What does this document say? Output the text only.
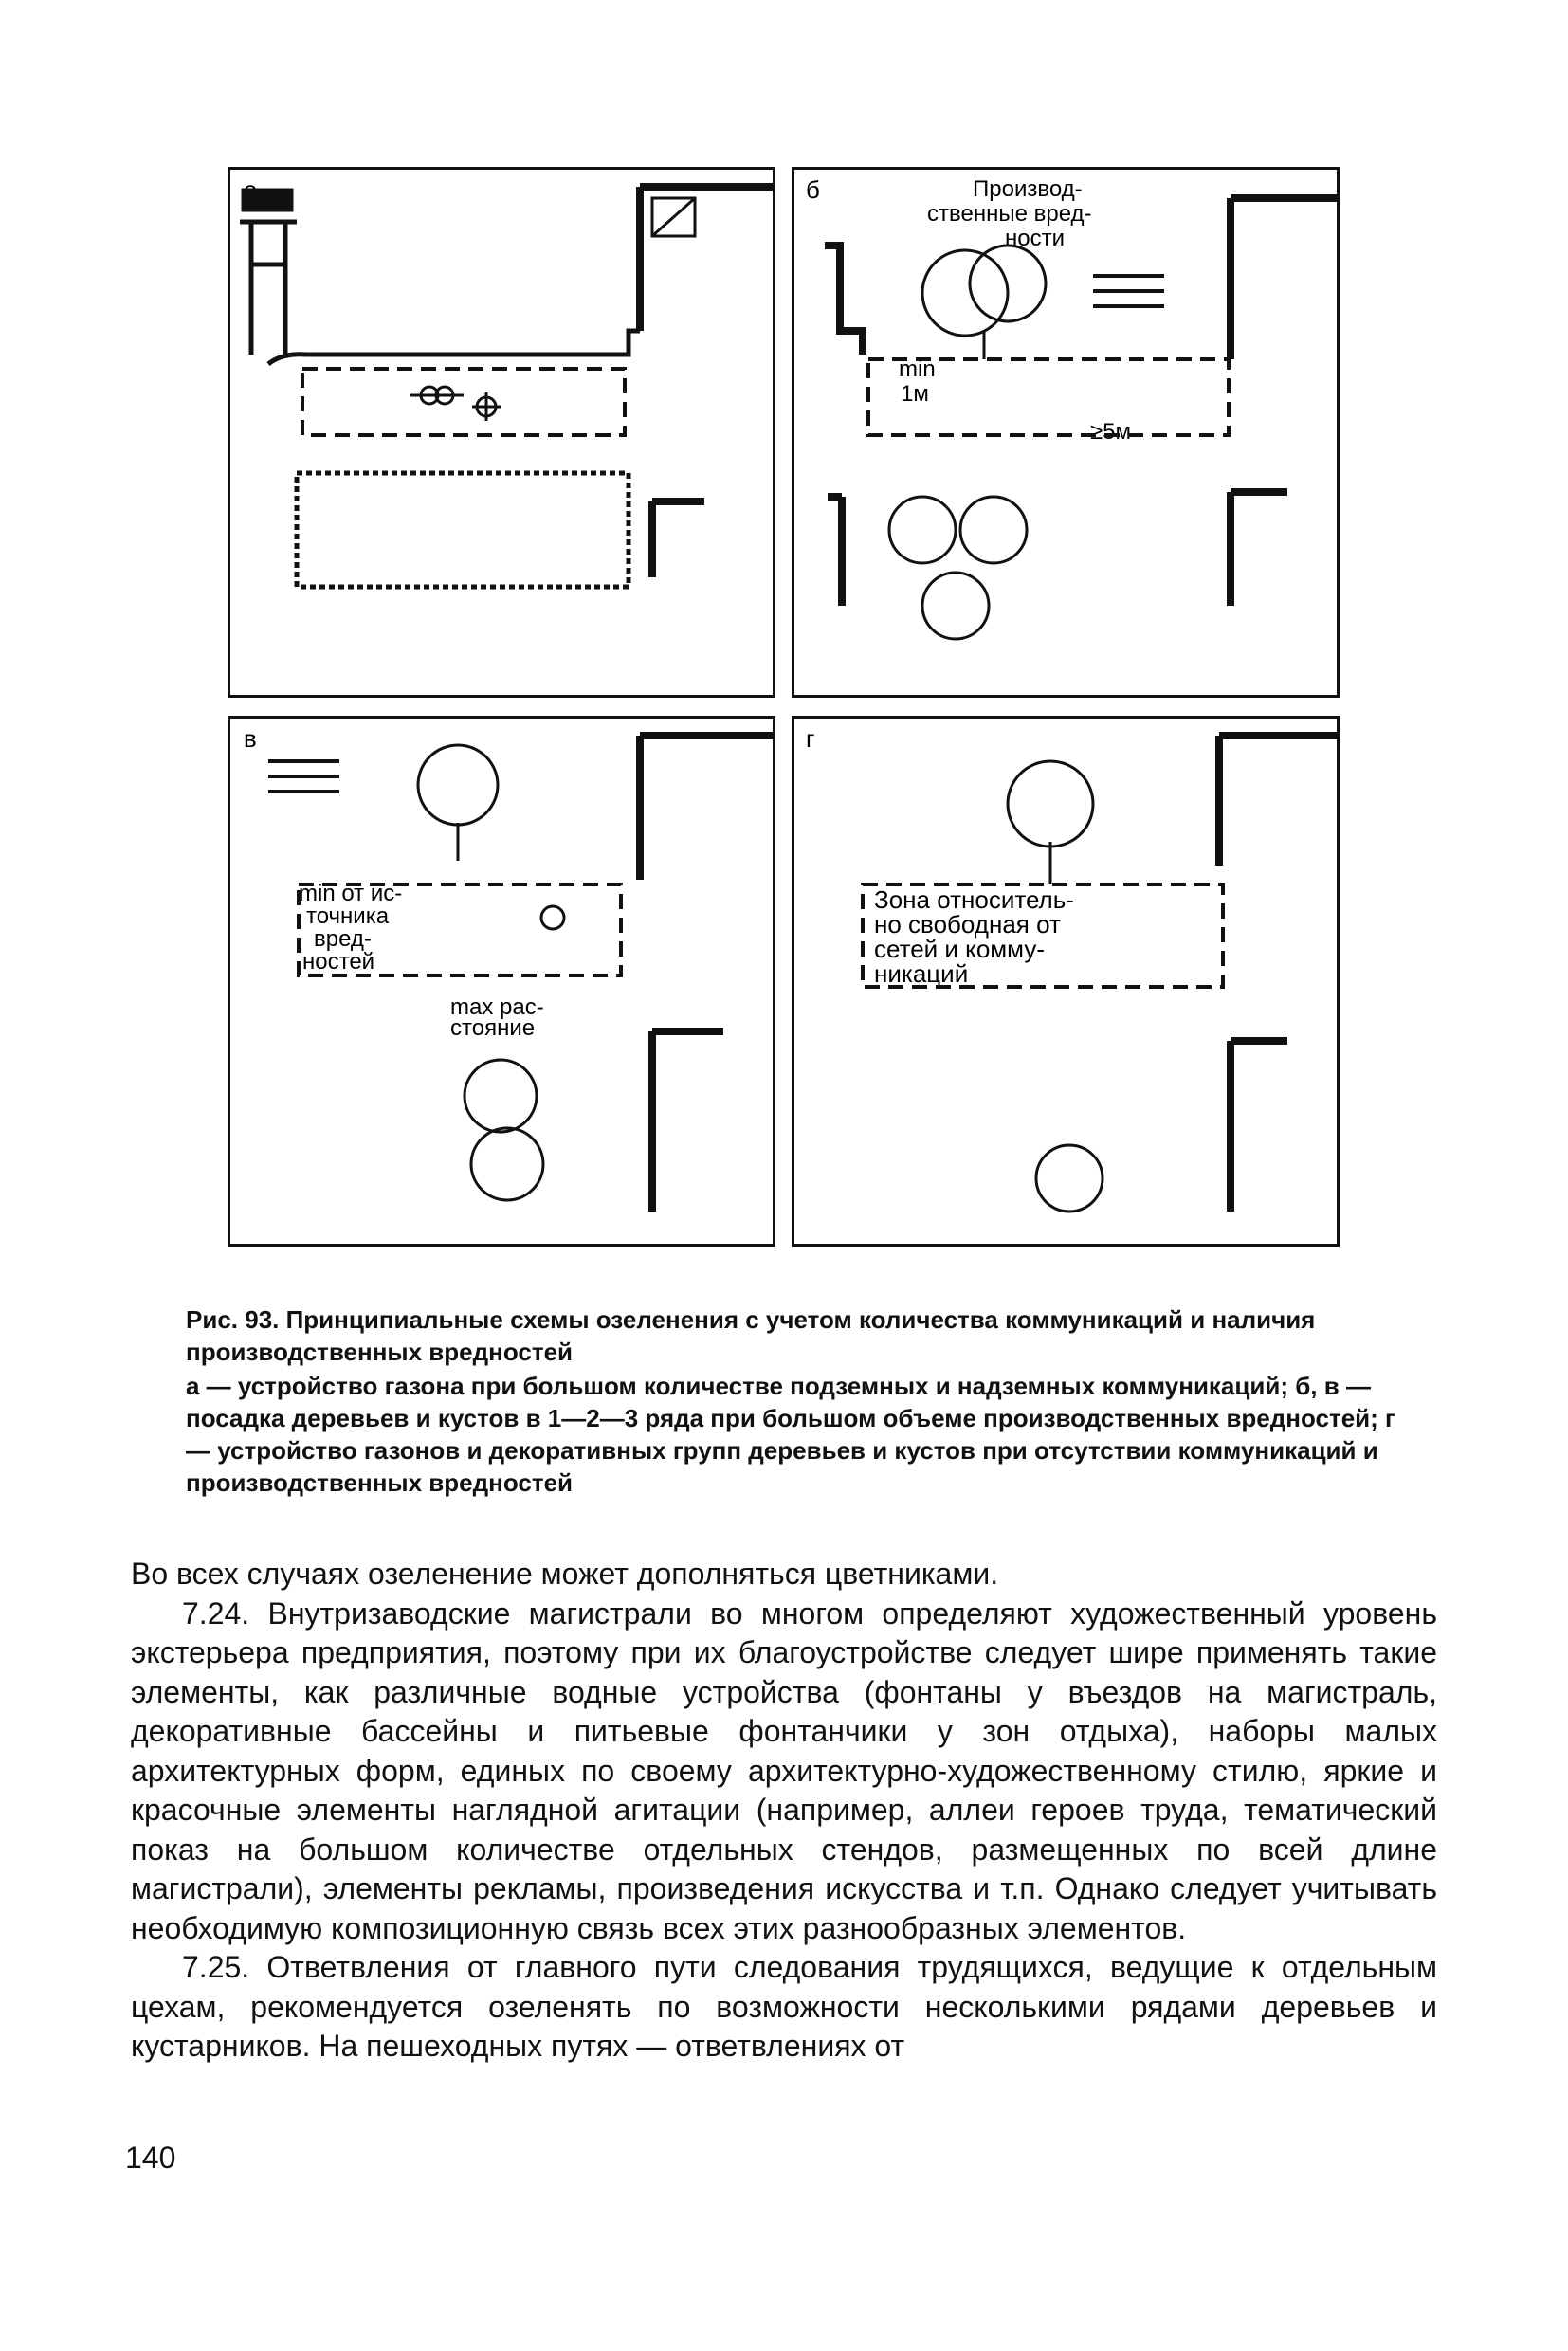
б	Производ-
ственные вред-
ности
min
1м
≥5м
в
min от ис-
точника
вред-
ностей
max рас-
стояние
г
Зона относитель-
но свободная от
сетей и комму-
никаций
Рис. 93. Принципиальные схемы озеленения с учетом количества коммуникаций и наличия производственных вредностей
а — устройство газона при большом количестве подземных и надземных коммуникаций; б, в — посадка деревьев и кустов в 1—2—3 ряда при большом объеме производственных вредностей; г — устройство газонов и декоративных групп деревьев и кустов при отсутствии коммуникаций и производственных вредностей

Во всех случаях озеленение может дополняться цветниками.

7.24. Внутризаводские магистрали во многом определяют художественный уровень экстерьера предприятия, поэтому при их благоустройстве следует шире применять такие элементы, как различные водные устройства (фонтаны у въездов на магистраль, декоративные бассейны и питьевые фонтанчики у зон отдыха), наборы малых архитектурных форм, единых по своему архитектурно-художественному стилю, яркие и красочные элементы наглядной агитации (например, аллеи героев труда, тематический показ на большом количестве отдельных стендов, размещенных по всей длине магистрали), элементы рекламы, произведения искусства и т.п. Однако следует учитывать необходимую композиционную связь всех этих разнообразных элементов.

7.25. Ответвления от главного пути следования трудящихся, ведущие к отдельным цехам, рекомендуется озеленять по возможности несколькими рядами деревьев и кустарников. На пешеходных путях — ответвлениях от

140
